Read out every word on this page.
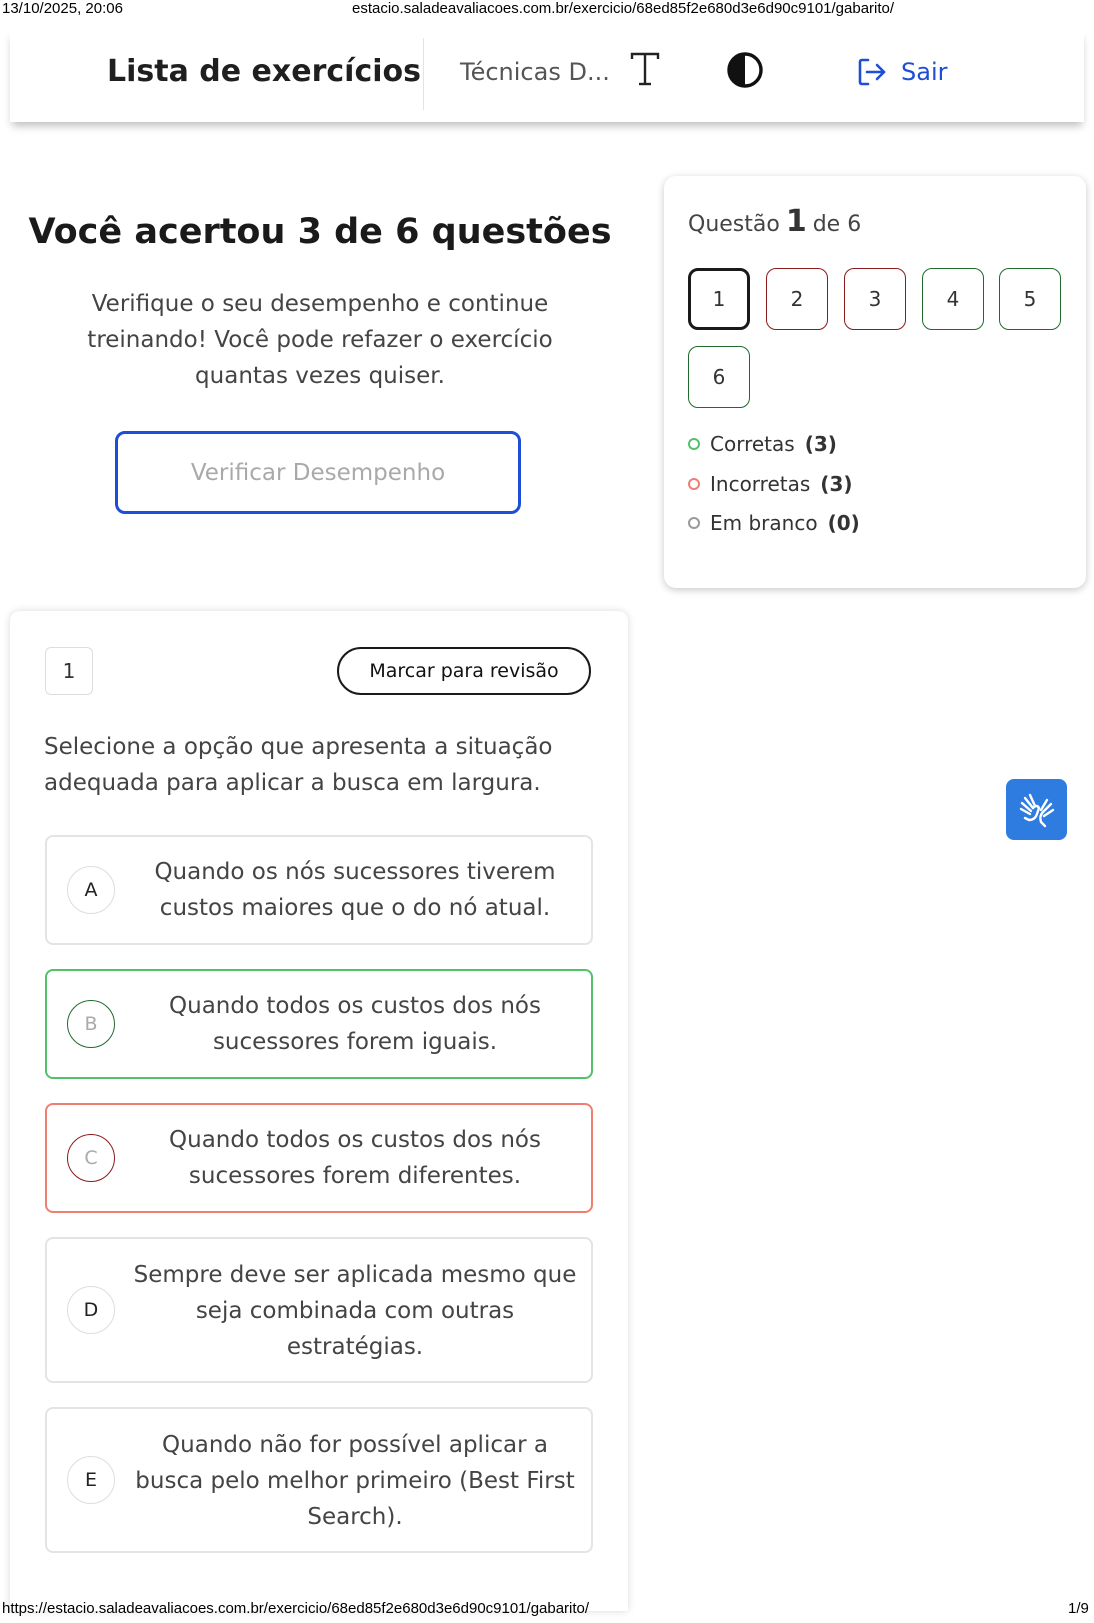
13/10/2025, 20:06	estacio.saladeavaliacoes.com.br/exercicio/68ed85f2e680d3e6d90c9101/gabarito/
Lista de exercícios Técnicas D...	Sair
Você acertou 3 de 6 questões
Verifique o seu desempenho e continue treinando! Você pode refazer o exercício quantas vezes quiser.
Verificar Desempenho
Questão 1 de 6
1	2	3	4	5
6
Corretas (3)
Incorretas (3)
Em branco (0)
1	Marcar para revisão
Selecione a opção que apresenta a situação adequada para aplicar a busca em largura.
A
Quando os nós sucessores tiverem custos maiores que o do nó atual.
B
Quando todos os custos dos nós sucessores forem iguais.
C
Quando todos os custos dos nós sucessores forem diferentes.
D
Sempre deve ser aplicada mesmo que seja combinada com outras estratégias.
E
Quando não for possível aplicar a busca pelo melhor primeiro (Best First Search).
https://estacio.saladeavaliacoes.com.br/exercicio/68ed85f2e680d3e6d90c9101/gabarito/	1/9
